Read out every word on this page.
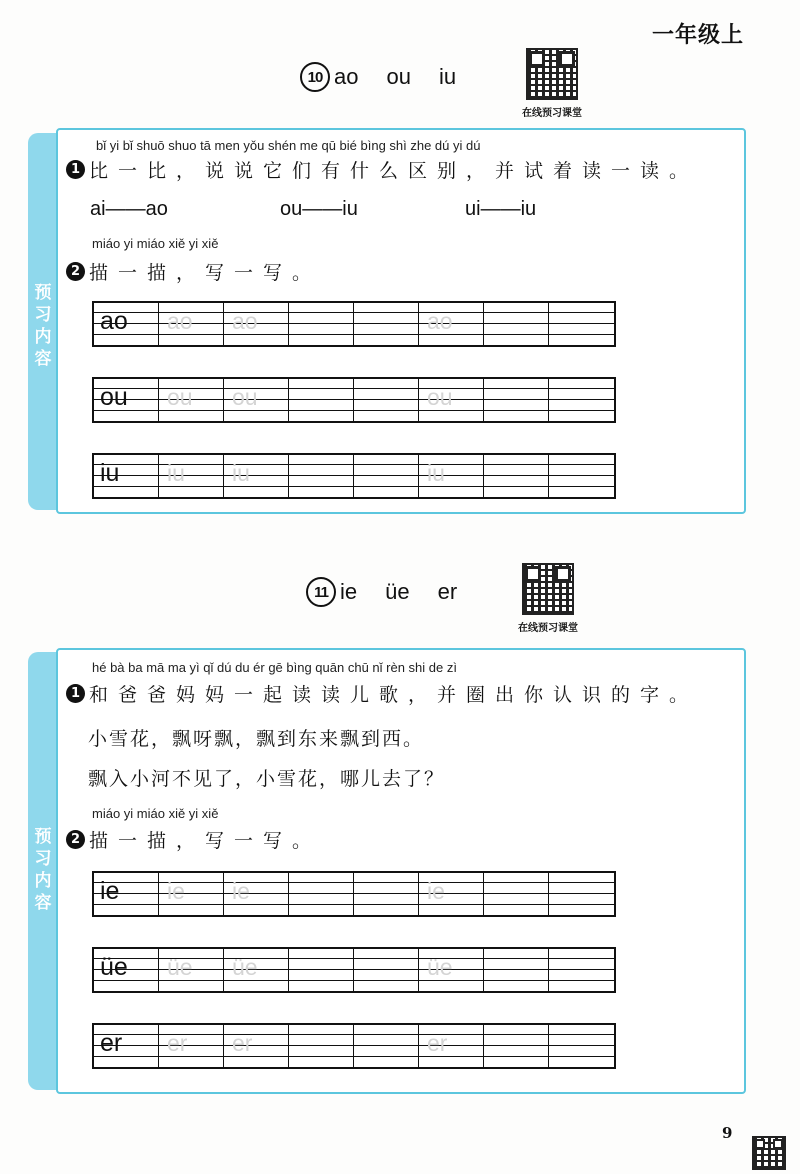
一年级上
10 ao ou iu
在线预习课堂
预习内容
bǐ yi bǐ shuō shuo tā men yǒu shén me qū bié bìng shì zhe dú yi dú
1 比一比，说说它们有什么区别，并试着读一读。
ai——ao	ou——iu	ui——iu
miáo yi miáo xiě yi xiě
2 描一描，写一写。
ao ao ao	ao
ou ou ou	ou
iu iu iu	iu
11 ie üe er
在线预习课堂
预习内容
hé bà ba mā ma yì qǐ dú du ér gē bìng quān chū nǐ rèn shi de zì
1 和爸爸妈妈一起读读儿歌，并圈出你认识的字。
小雪花，飘呀飘，飘到东来飘到西。
飘入小河不见了，小雪花，哪儿去了？
miáo yi miáo xiě yi xiě
2 描一描，写一写。
ie ie ie	ie
üe üe üe	üe
er er er	er
9
